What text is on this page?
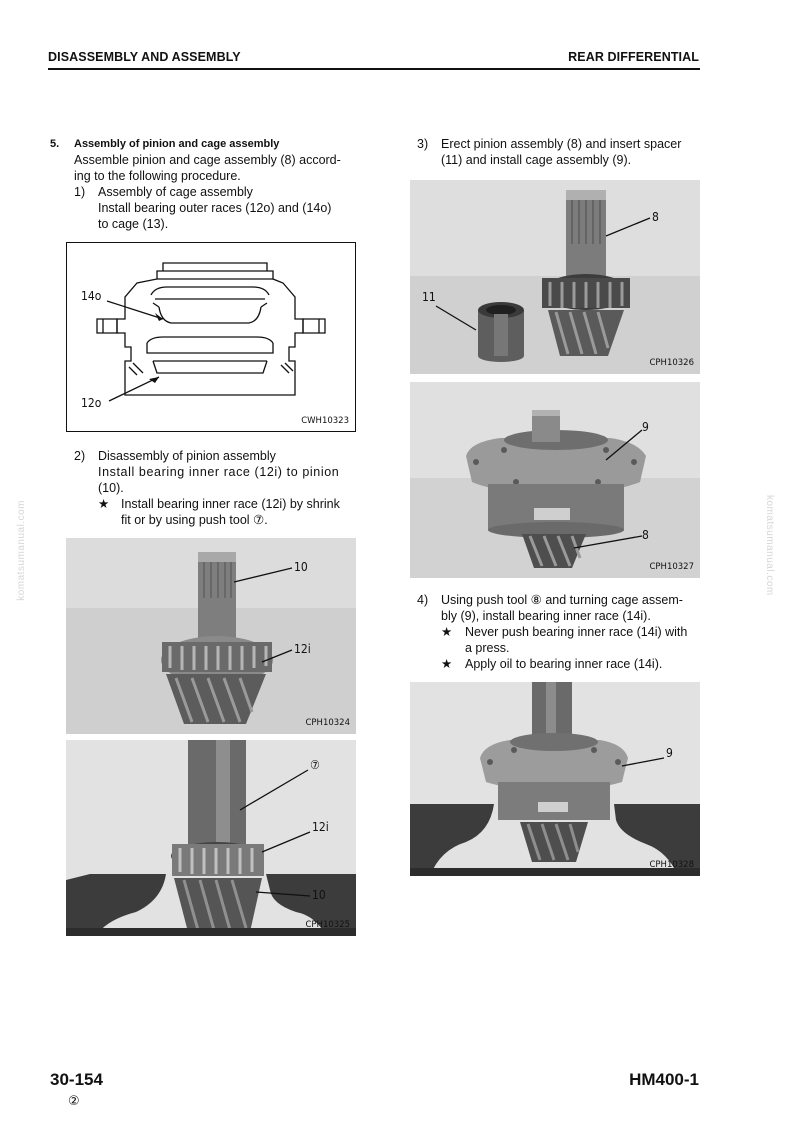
DISASSEMBLY AND ASSEMBLY	REAR DIFFERENTIAL
komatsumanual.com	komatsumanual.com
5. Assembly of pinion and cage assembly
Assemble pinion and cage assembly (8) accord-
ing to the following procedure.
1) Assembly of cage assembly
Install bearing outer races (12o) and (14o)
to cage (13).
14o
12o
CWH10323
2) Disassembly of pinion assembly
Install bearing inner race (12i) to pinion
(10).
★ Install bearing inner race (12i) by shrink
fit or by using push tool ⑦.
10
12i
CPH10324
⑦
12i
10
CPH10325
3) Erect pinion assembly (8) and insert spacer
(11) and install cage assembly (9).
8
11
CPH10326
9
8
CPH10327
4) Using push tool ⑧ and turning cage assem-
bly (9), install bearing inner race (14i).
★ Never push bearing inner race (14i) with
a press.
★ Apply oil to bearing inner race (14i).
9
CPH10328
30-154	HM400-1
②
